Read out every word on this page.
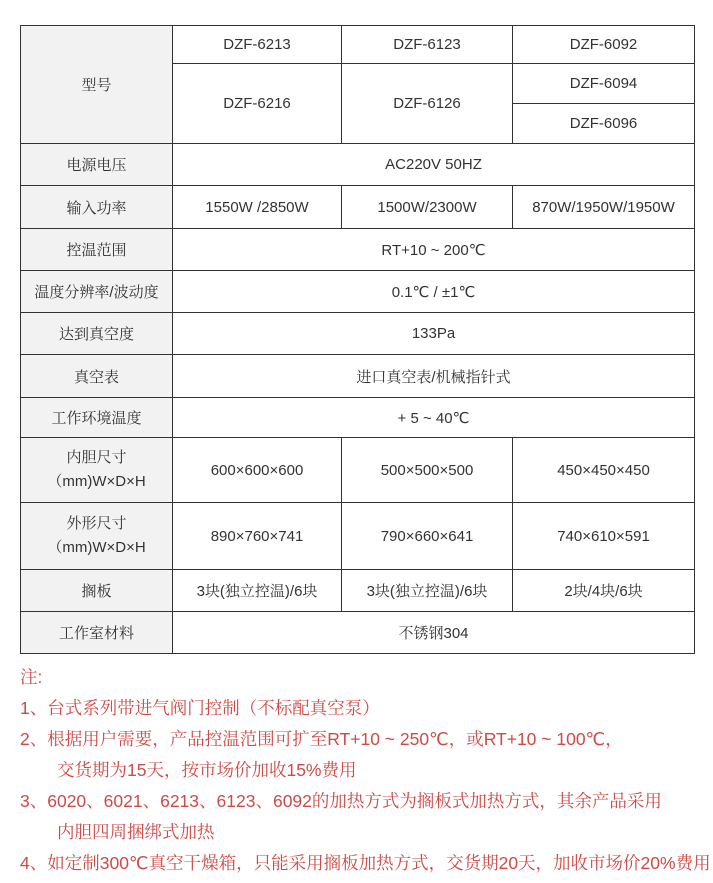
型号	DZF-6213	DZF-6123	DZF-6092
	DZF-6216	DZF-6126	DZF-6094
			DZF-6096
电源电压	AC220V 50HZ		
输入功率	1550W /2850W	1500W/2300W	870W/1950W/1950W
控温范围	RT+10 ~ 200℃		
温度分辨率/波动度	0.1℃ / ±1℃		
达到真空度	133Pa		
真空表	进口真空表/机械指针式		
工作环境温度	+ 5 ~ 40℃		

内胆尺寸
（mm)W×D×H	600×600×600	500×500×500	450×450×450

外形尺寸
（mm)W×D×H	890×760×741	790×660×641	740×610×591
搁板	3块(独立控温)/6块	3块(独立控温)/6块	2块/4块/6块
工作室材料	不锈钢304		
注:
1、台式系列带进气阀门控制（不标配真空泵）
2、根据用户需要，产品控温范围可扩至RT+10 ~ 250℃，或RT+10 ~ 100℃，
交货期为15天，按市场价加收15%费用
3、6020、6021、6213、6123、6092的加热方式为搁板式加热方式，其余产品采用
内胆四周捆绑式加热
4、如定制300℃真空干燥箱，只能采用搁板加热方式，交货期20天，加收市场价20%费用
